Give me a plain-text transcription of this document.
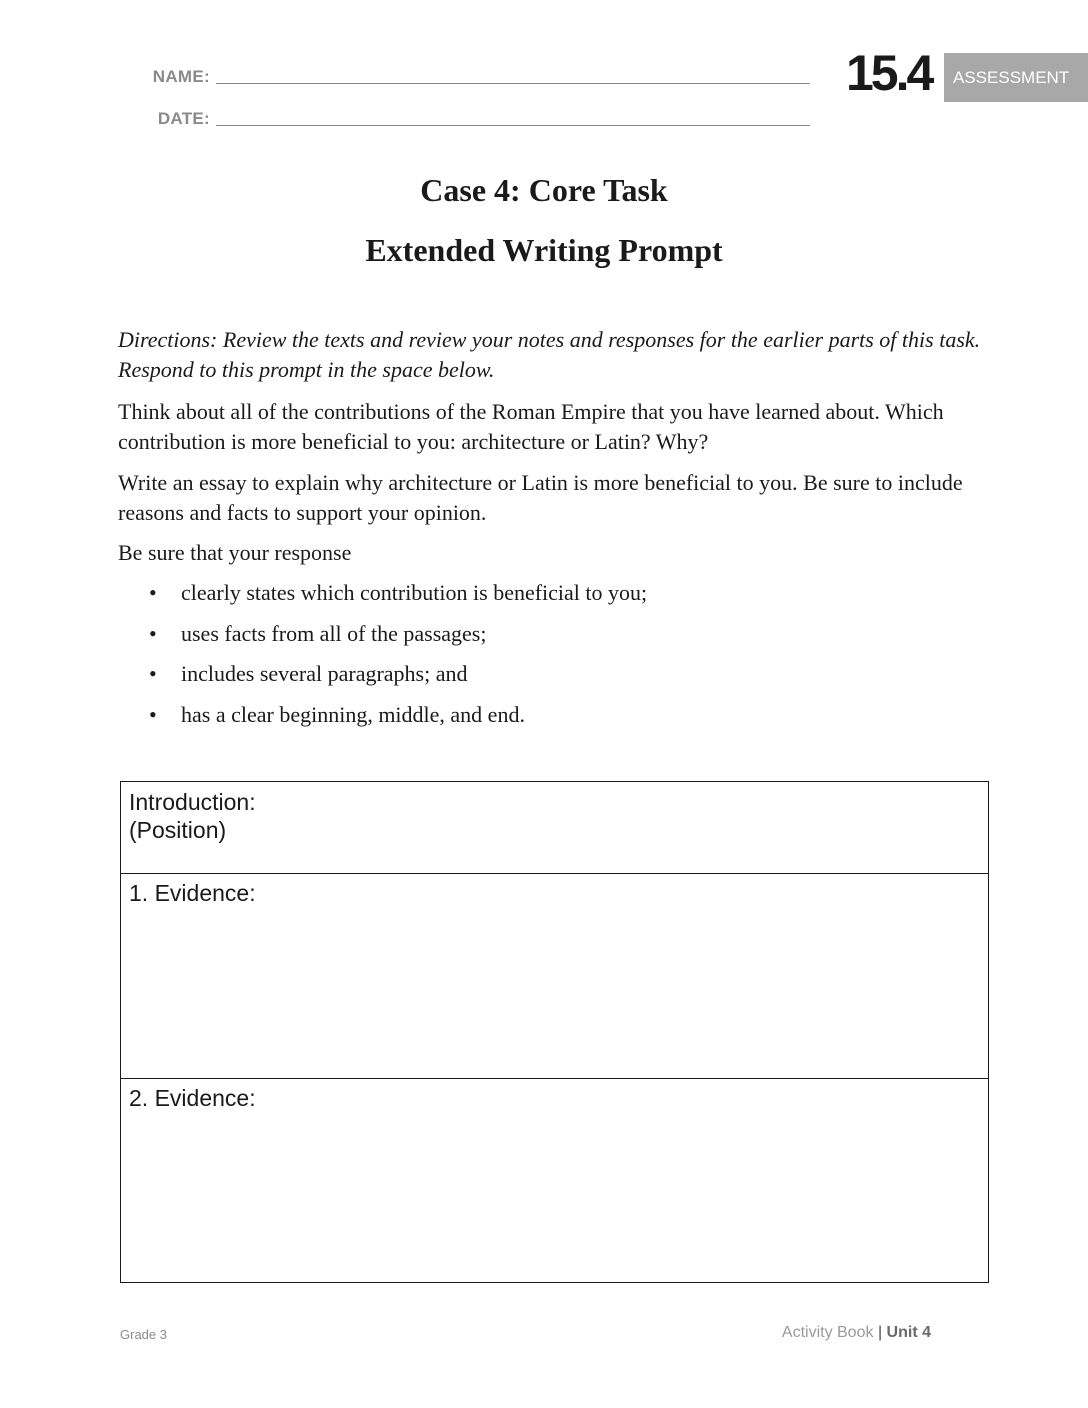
NAME:
DATE:
15.4 ASSESSMENT
Case 4: Core Task
Extended Writing Prompt

Directions: Review the texts and review your notes and responses for the earlier parts of this task. Respond to this prompt in the space below.

Think about all of the contributions of the Roman Empire that you have learned about. Which contribution is more beneficial to you: architecture or Latin? Why?

Write an essay to explain why architecture or Latin is more beneficial to you. Be sure to include reasons and facts to support your opinion.

Be sure that your response

• clearly states which contribution is beneficial to you;
• uses facts from all of the passages;
• includes several paragraphs; and
• has a clear beginning, middle, and end.
Introduction:
(Position)
1. Evidence:
2. Evidence:
Grade 3	Activity Book | Unit 4
